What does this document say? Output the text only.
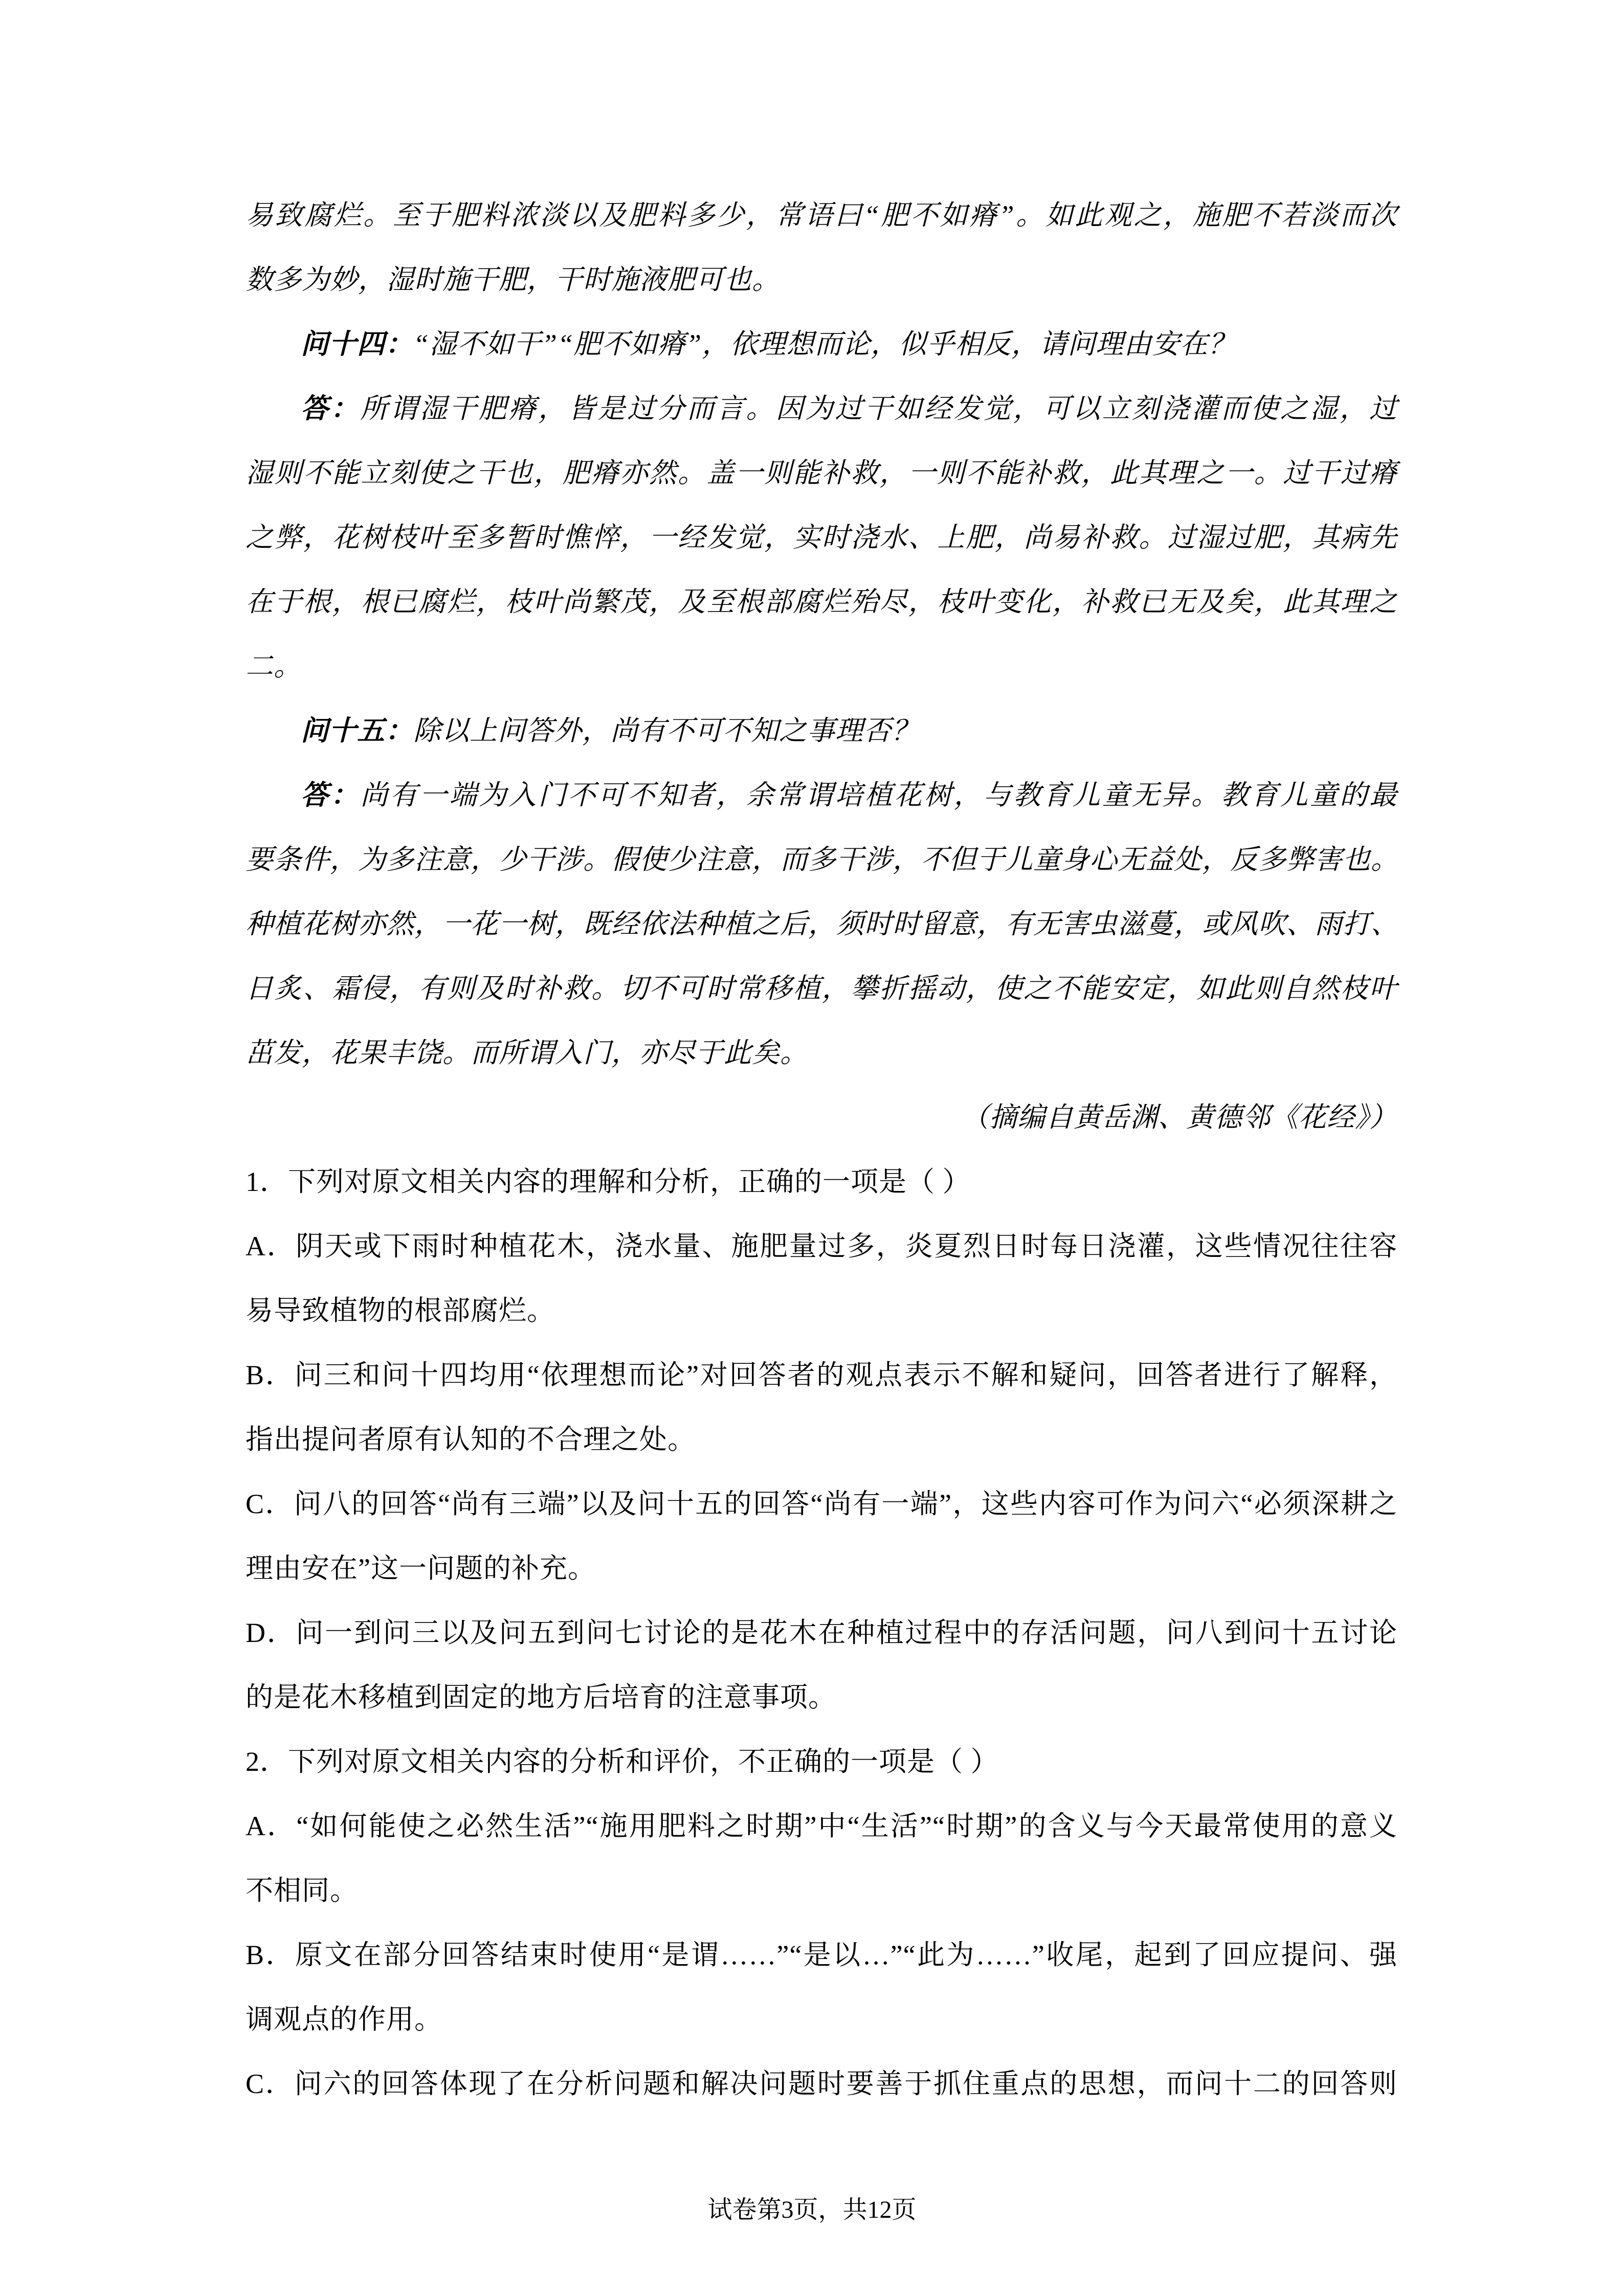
易致腐烂。至于肥料浓淡以及肥料多少，常语曰“肥不如瘠”。如此观之，施肥不若淡而次
数多为妙，湿时施干肥，干时施液肥可也。
问十四：“湿不如干”“肥不如瘠”，依理想而论，似乎相反，请问理由安在？
答：所谓湿干肥瘠，皆是过分而言。因为过干如经发觉，可以立刻浇灌而使之湿，过
湿则不能立刻使之干也，肥瘠亦然。盖一则能补救，一则不能补救，此其理之一。过干过瘠
之弊，花树枝叶至多暂时憔悴，一经发觉，实时浇水、上肥，尚易补救。过湿过肥，其病先
在于根，根已腐烂，枝叶尚繁茂，及至根部腐烂殆尽，枝叶变化，补救已无及矣，此其理之
二。
问十五：除以上问答外，尚有不可不知之事理否？
答：尚有一端为入门不可不知者，余常谓培植花树，与教育儿童无异。教育儿童的最
要条件，为多注意，少干涉。假使少注意，而多干涉，不但于儿童身心无益处，反多弊害也。
种植花树亦然，一花一树，既经依法种植之后，须时时留意，有无害虫滋蔓，或风吹、雨打、
日炙、霜侵，有则及时补救。切不可时常移植，攀折摇动，使之不能安定，如此则自然枝叶
茁发，花果丰饶。而所谓入门，亦尽于此矣。
（摘编自黄岳渊、黄德邻《花经》）
1．下列对原文相关内容的理解和分析，正确的一项是（ ）
A．阴天或下雨时种植花木，浇水量、施肥量过多，炎夏烈日时每日浇灌，这些情况往往容
易导致植物的根部腐烂。
B．问三和问十四均用“依理想而论”对回答者的观点表示不解和疑问，回答者进行了解释，
指出提问者原有认知的不合理之处。
C．问八的回答“尚有三端”以及问十五的回答“尚有一端”，这些内容可作为问六“必须深耕之
理由安在”这一问题的补充。
D．问一到问三以及问五到问七讨论的是花木在种植过程中的存活问题，问八到问十五讨论
的是花木移植到固定的地方后培育的注意事项。
2．下列对原文相关内容的分析和评价，不正确的一项是（ ）
A．“如何能使之必然生活”“施用肥料之时期”中“生活”“时期”的含义与今天最常使用的意义
不相同。
B．原文在部分回答结束时使用“是谓……”“是以…”“此为……”收尾，起到了回应提问、强
调观点的作用。
C．问六的回答体现了在分析问题和解决问题时要善于抓住重点的思想，而问十二的回答则
试卷第3页，共12页
